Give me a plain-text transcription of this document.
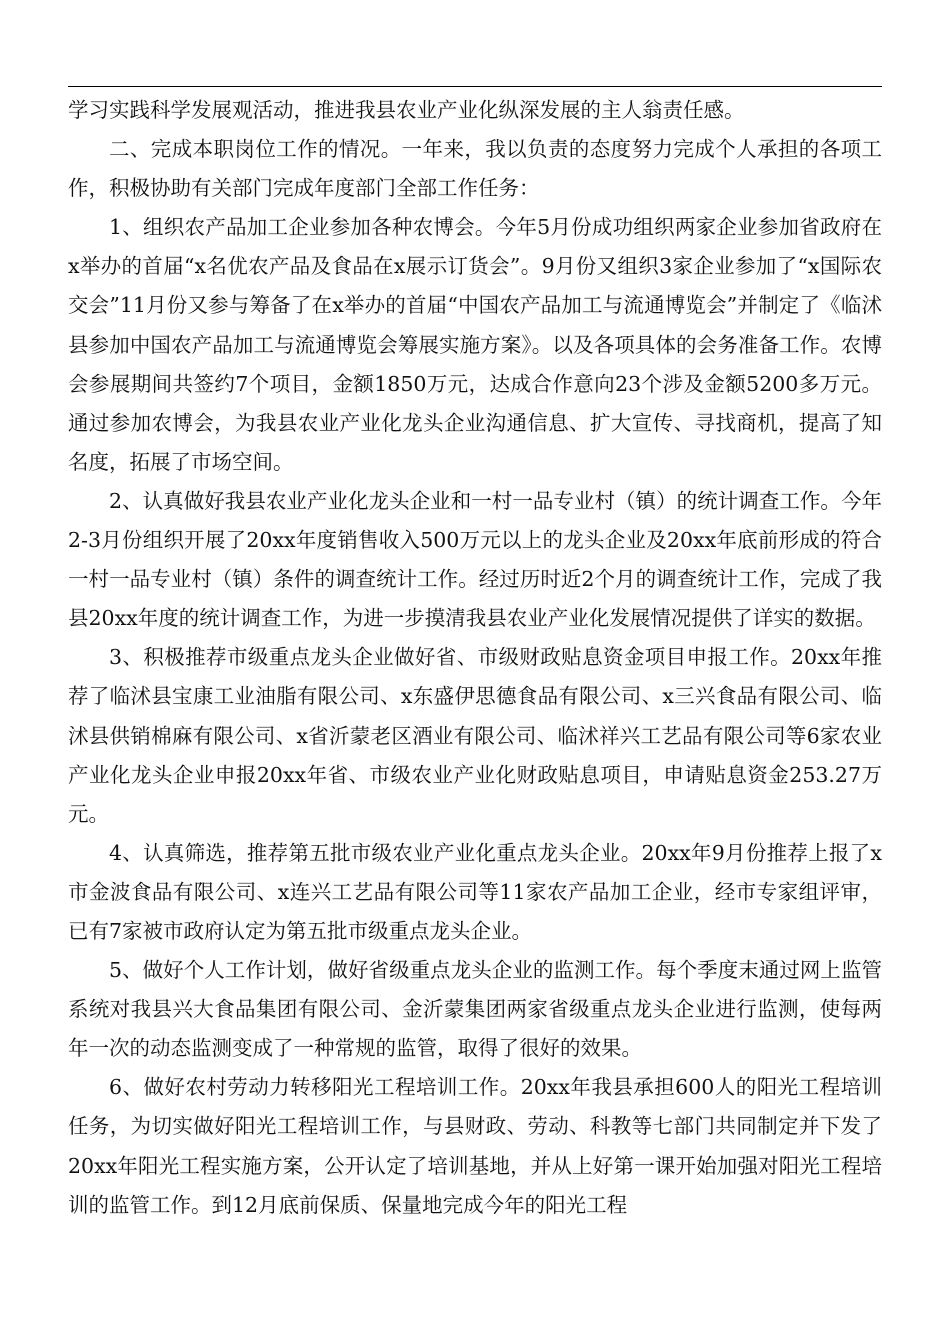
学习实践科学发展观活动，推进我县农业产业化纵深发展的主人翁责任感。

二、完成本职岗位工作的情况。一年来，我以负责的态度努力完成个人承担的各项工作，积极协助有关部门完成年度部门全部工作任务：

1、组织农产品加工企业参加各种农博会。今年5月份成功组织两家企业参加省政府在x举办的首届“x名优农产品及食品在x展示订货会”。9月份又组织3家企业参加了“x国际农交会”11月份又参与筹备了在x举办的首届“中国农产品加工与流通博览会”并制定了《临沭县参加中国农产品加工与流通博览会筹展实施方案》。以及各项具体的会务准备工作。农博会参展期间共签约7个项目，金额1850万元，达成合作意向23个涉及金额5200多万元。通过参加农博会，为我县农业产业化龙头企业沟通信息、扩大宣传、寻找商机，提高了知名度，拓展了市场空间。

2、认真做好我县农业产业化龙头企业和一村一品专业村（镇）的统计调查工作。今年2-3月份组织开展了20xx年度销售收入500万元以上的龙头企业及20xx年底前形成的符合一村一品专业村（镇）条件的调查统计工作。经过历时近2个月的调查统计工作，完成了我县20xx年度的统计调查工作，为进一步摸清我县农业产业化发展情况提供了详实的数据。

3、积极推荐市级重点龙头企业做好省、市级财政贴息资金项目申报工作。20xx年推荐了临沭县宝康工业油脂有限公司、x东盛伊思德食品有限公司、x三兴食品有限公司、临沭县供销棉麻有限公司、x省沂蒙老区酒业有限公司、临沭祥兴工艺品有限公司等6家农业产业化龙头企业申报20xx年省、市级农业产业化财政贴息项目，申请贴息资金253.27万元。

4、认真筛选，推荐第五批市级农业产业化重点龙头企业。20xx年9月份推荐上报了x市金波食品有限公司、x连兴工艺品有限公司等11家农产品加工企业，经市专家组评审，已有7家被市政府认定为第五批市级重点龙头企业。

5、做好个人工作计划，做好省级重点龙头企业的监测工作。每个季度末通过网上监管系统对我县兴大食品集团有限公司、金沂蒙集团两家省级重点龙头企业进行监测，使每两年一次的动态监测变成了一种常规的监管，取得了很好的效果。

6、做好农村劳动力转移阳光工程培训工作。20xx年我县承担600人的阳光工程培训任务，为切实做好阳光工程培训工作，与县财政、劳动、科教等七部门共同制定并下发了20xx年阳光工程实施方案，公开认定了培训基地，并从上好第一课开始加强对阳光工程培训的监管工作。到12月底前保质、保量地完成今年的阳光工程
